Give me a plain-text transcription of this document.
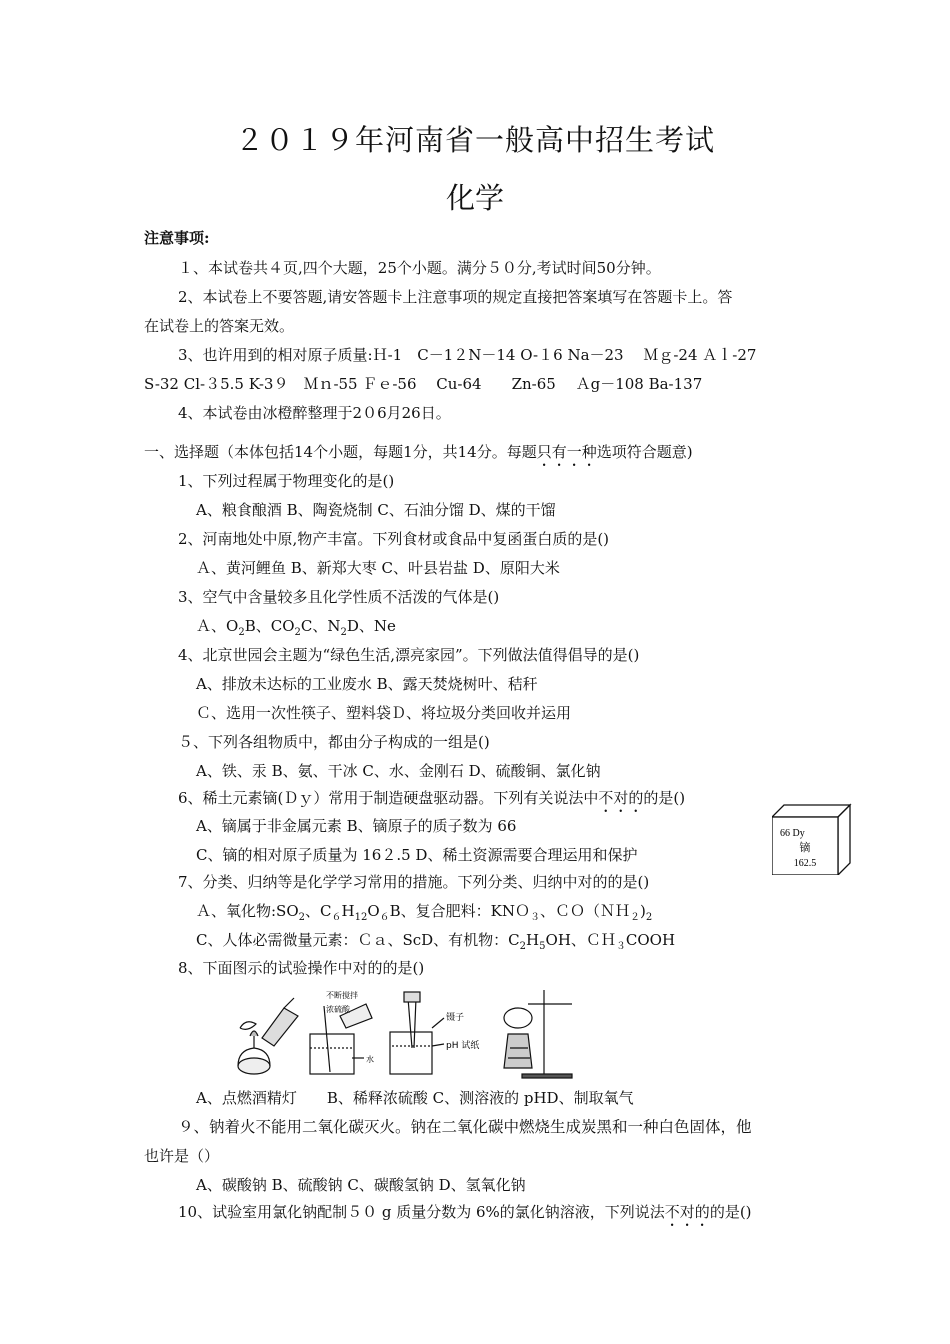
２０１９年河南省一般高中招生考试
化学
注意事项:
１、本试卷共４页,四个大题，25个小题。满分５０分,考试时间50分钟。
2、本试卷上不要答题,请安答题卡上注意事项的规定直接把答案填写在答题卡上。答
在试卷上的答案无效。
3、也许用到的相对原子质量:Ｈ-1　C－1２N－14 O-１6 Na－23　 Ｍｇ-24 Ａｌ-27
S-32 Cl-３5.5 K-3９　Ｍｎ-55 Ｆｅ-56　 Cu-64　　Zn-65　 Ａg－108 Ba-137
4、本试卷由冰橙醉整理于2０6月26日。
一、选择题（本体包括14个小题，每题1分，共14分。每题只有一种选项符合题意)
1、下列过程属于物理变化的是()
A、粮食酿酒 B、陶瓷烧制 C、石油分馏 D、煤的干馏
2、河南地处中原,物产丰富。下列食材或食品中复函蛋白质的是()
Ａ、黄河鲤鱼 B、新郑大枣 C、叶县岩盐 D、原阳大米
3、空气中含量较多且化学性质不活泼的气体是()
Ａ、$O_2B$、$CO_2C$、$N_2D$、Ne
4、北京世园会主题为“绿色生活,漂亮家园”。下列做法值得倡导的是()
A、排放未达标的工业废水 B、露天焚烧树叶、秸秆
Ｃ、选用一次性筷子、塑料袋Ｄ、将垃圾分类回收并运用
５、下列各组物质中，都由分子构成的一组是()
A、铁、汞 B、氨、干冰 C、水、金刚石 D、硫酸铜、氯化钠
6、稀土元素镝(Ｄｙ）常用于制造硬盘驱动器。下列有关说法中不对的的是()
A、镝属于非金属元素 B、镝原子的质子数为 66
C、镝的相对原子质量为 16２.5 D、稀土资源需要合理运用和保护
66 Dy
镝
162.5
7、分类、归纳等是化学学习常用的措施。下列分类、归纳中对的的是()
Ａ、氧化物$:SO_2$、$C_6H_{12}O_6B$、复合肥料：KNＯ$_3$、$CO(NH_2)_2$
C、人体必需微量元素：Ｃａ、ScD、有机物：$C_2H_5OH$、ＣＨ$_3$COOH
8、下面图示的试验操作中对的的是()
不断搅拌
浓硫酸
水
镊子
pH 试纸
A、点燃酒精灯　　B、稀释浓硫酸 C、测溶液的 pHD、制取氧气
９、钠着火不能用二氧化碳灭火。钠在二氧化碳中燃烧生成炭黑和一种白色固体，他
也许是（）
A、碳酸钠 B、硫酸钠 C、碳酸氢钠 D、氢氧化钠
10、试验室用氯化钠配制５０ g 质量分数为 6%的氯化钠溶液，下列说法不对的的是()
